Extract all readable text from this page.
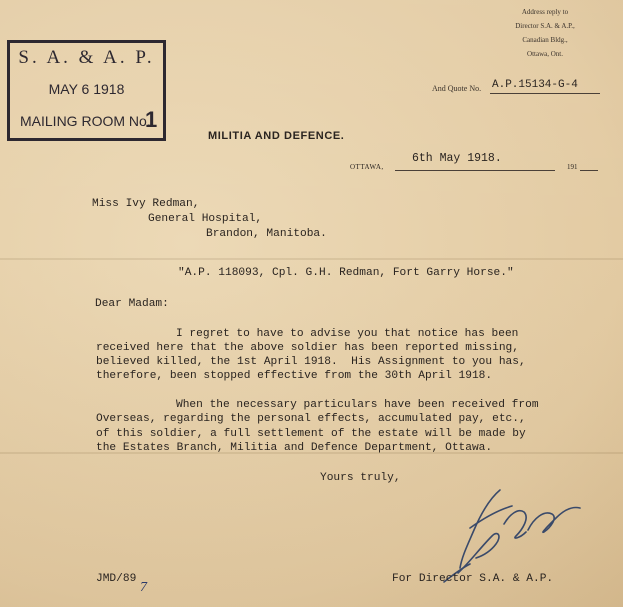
S. A. & A. P.
MAY 6 1918
MAILING ROOM No.
1
Address reply to
Director S.A. & A.P.,
Canadian Bldg.,
Ottawa, Ont.
And Quote No. A.P.15134-G-4
MILITIA AND DEFENCE.
OTTAWA,
6th May 1918.
191
Miss Ivy Redman,
General Hospital,
Brandon, Manitoba.
"A.P. 118093, Cpl. G.H. Redman, Fort Garry Horse."
Dear Madam:
I regret to have to advise you that notice has been
received here that the above soldier has been reported missing,
believed killed, the 1st April 1918.  His Assignment to you has,
therefore, been stopped effective from the 30th April 1918.
When the necessary particulars have been received from
Overseas, regarding the personal effects, accumulated pay, etc.,
of this soldier, a full settlement of the estate will be made by
the Estates Branch, Militia and Defence Department, Ottawa.
Yours truly,
JMD/89
7
For Director S.A. & A.P.
